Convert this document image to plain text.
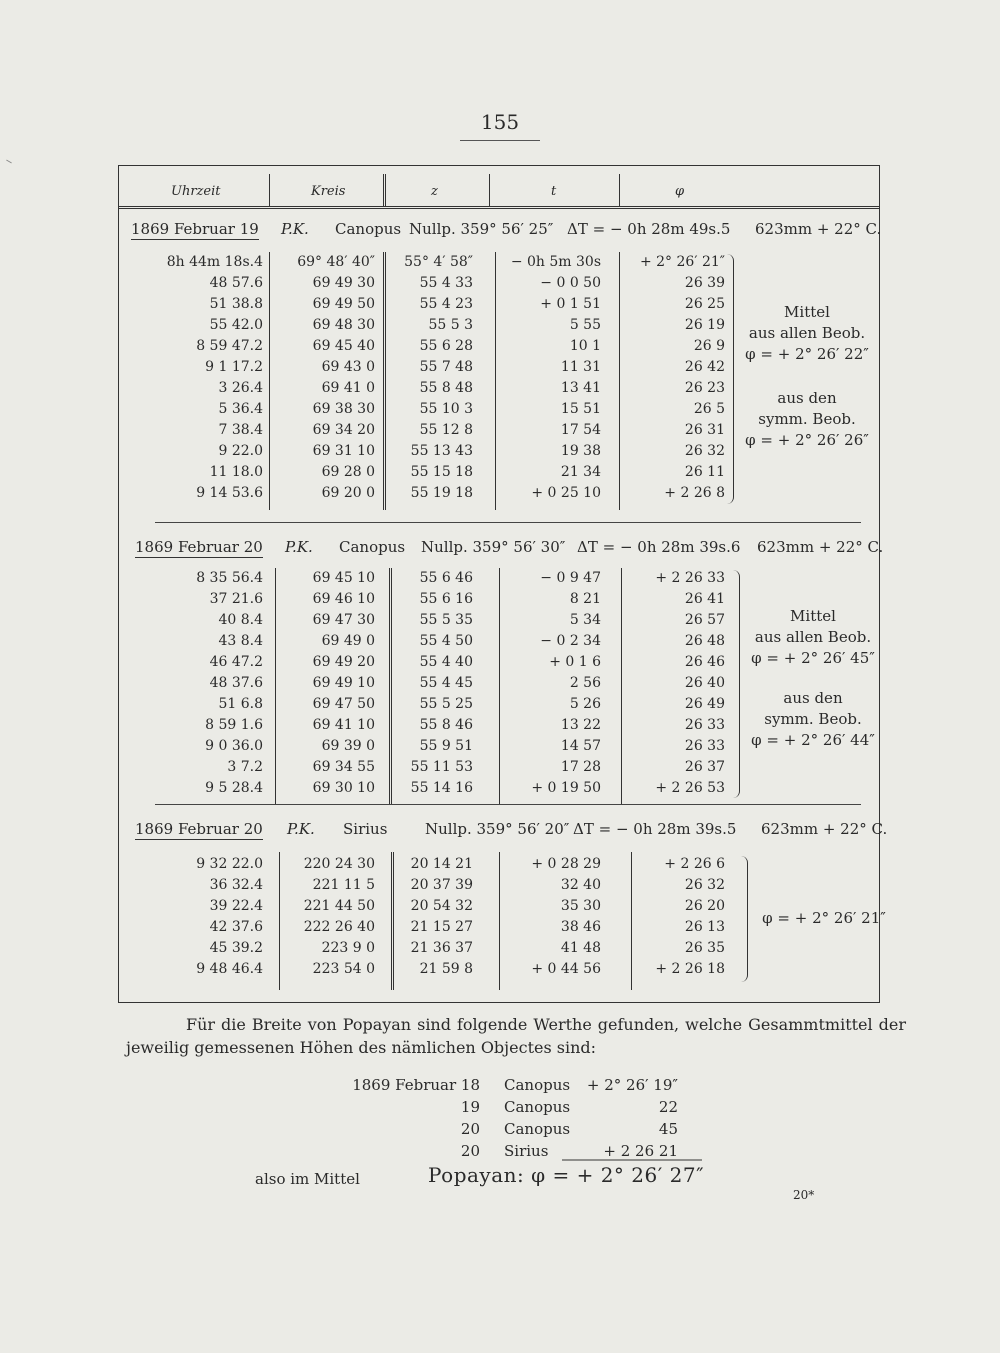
155
Uhrzeit	Kreis	z	t	φ
1869 Februar 19 P.K. Canopus Nullp. 359° 56′ 25″ ΔT = − 0h 28m 49s.5 623mm + 22° C.
8h 44m 18s.4	69° 48′ 40″	55° 4′ 58″	− 0h 5m 30s	+ 2° 26′ 21″
48 57.6	69 49 30	55 4 33	− 0 0 50	26 39
51 38.8	69 49 50	55 4 23	+ 0 1 51	26 25
55 42.0	69 48 30	55 5 3	5 55	26 19
8 59 47.2	69 45 40	55 6 28	10 1	26 9
9 1 17.2	69 43 0	55 7 48	11 31	26 42
3 26.4	69 41 0	55 8 48	13 41	26 23
5 36.4	69 38 30	55 10 3	15 51	26 5
7 38.4	69 34 20	55 12 8	17 54	26 31
9 22.0	69 31 10	55 13 43	19 38	26 32
11 18.0	69 28 0	55 15 18	21 34	26 11
9 14 53.6	69 20 0	55 19 18	+ 0 25 10	+ 2 26 8
Mittel
aus allen Beob.
φ = + 2° 26′ 22″
aus den
symm. Beob.
φ = + 2° 26′ 26″
1869 Februar 20 P.K. Canopus Nullp. 359° 56′ 30″ ΔT = − 0h 28m 39s.6 623mm + 22° C.
8 35 56.4	69 45 10	55 6 46	− 0 9 47	+ 2 26 33
37 21.6	69 46 10	55 6 16	8 21	26 41
40 8.4	69 47 30	55 5 35	5 34	26 57
43 8.4	69 49 0	55 4 50	− 0 2 34	26 48
46 47.2	69 49 20	55 4 40	+ 0 1 6	26 46
48 37.6	69 49 10	55 4 45	2 56	26 40
51 6.8	69 47 50	55 5 25	5 26	26 49
8 59 1.6	69 41 10	55 8 46	13 22	26 33
9 0 36.0	69 39 0	55 9 51	14 57	26 33
3 7.2	69 34 55	55 11 53	17 28	26 37
9 5 28.4	69 30 10	55 14 16	+ 0 19 50	+ 2 26 53
Mittel
aus allen Beob.
φ = + 2° 26′ 45″
aus den
symm. Beob.
φ = + 2° 26′ 44″
1869 Februar 20 P.K. Sirius	Nullp. 359° 56′ 20″ ΔT = − 0h 28m 39s.5 623mm + 22° C.
9 32 22.0	220 24 30	20 14 21	+ 0 28 29	+ 2 26 6
36 32.4	221 11 5	20 37 39	32 40	26 32
39 22.4	221 44 50	20 54 32	35 30	26 20
42 37.6	222 26 40	21 15 27	38 46	26 13
45 39.2	223 9 0	21 36 37	41 48	26 35
9 48 46.4	223 54 0	21 59 8	+ 0 44 56	+ 2 26 18
φ = + 2° 26′ 21″
Für die Breite von Popayan sind folgende Werthe gefunden, welche Gesammtmittel der jeweilig gemessenen Höhen des nämlichen Objectes sind:
1869 Februar 18 Canopus	+ 2° 26′ 19″
19 Canopus	22
20 Canopus	45
20 Sirius	+ 2 26 21
also im Mittel	Popayan: φ = + 2° 26′ 27″
20*
